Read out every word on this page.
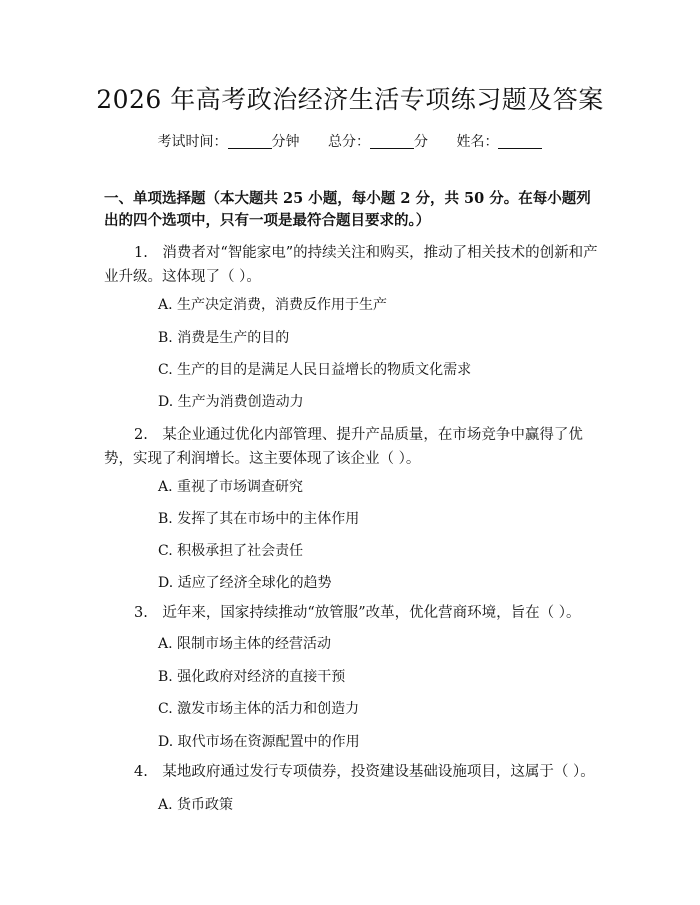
2026 年高考政治经济生活专项练习题及答案
考试时间：	分钟 总分：	分 姓名：
一、单项选择题（本大题共 25 小题，每小题 2 分，共 50 分。在每小题列出的四个选项中，只有一项是最符合题目要求的。）
1.　消费者对“智能家电”的持续关注和购买，推动了相关技术的创新和产业升级。这体现了（ ）。
A. 生产决定消费，消费反作用于生产
B. 消费是生产的目的
C. 生产的目的是满足人民日益增长的物质文化需求
D. 生产为消费创造动力
2.　某企业通过优化内部管理、提升产品质量，在市场竞争中赢得了优势，实现了利润增长。这主要体现了该企业（ ）。
A. 重视了市场调查研究
B. 发挥了其在市场中的主体作用
C. 积极承担了社会责任
D. 适应了经济全球化的趋势
3.　近年来，国家持续推动“放管服”改革，优化营商环境，旨在（ ）。
A. 限制市场主体的经营活动
B. 强化政府对经济的直接干预
C. 激发市场主体的活力和创造力
D. 取代市场在资源配置中的作用
4.　某地政府通过发行专项债券，投资建设基础设施项目，这属于（ ）。
A. 货币政策
